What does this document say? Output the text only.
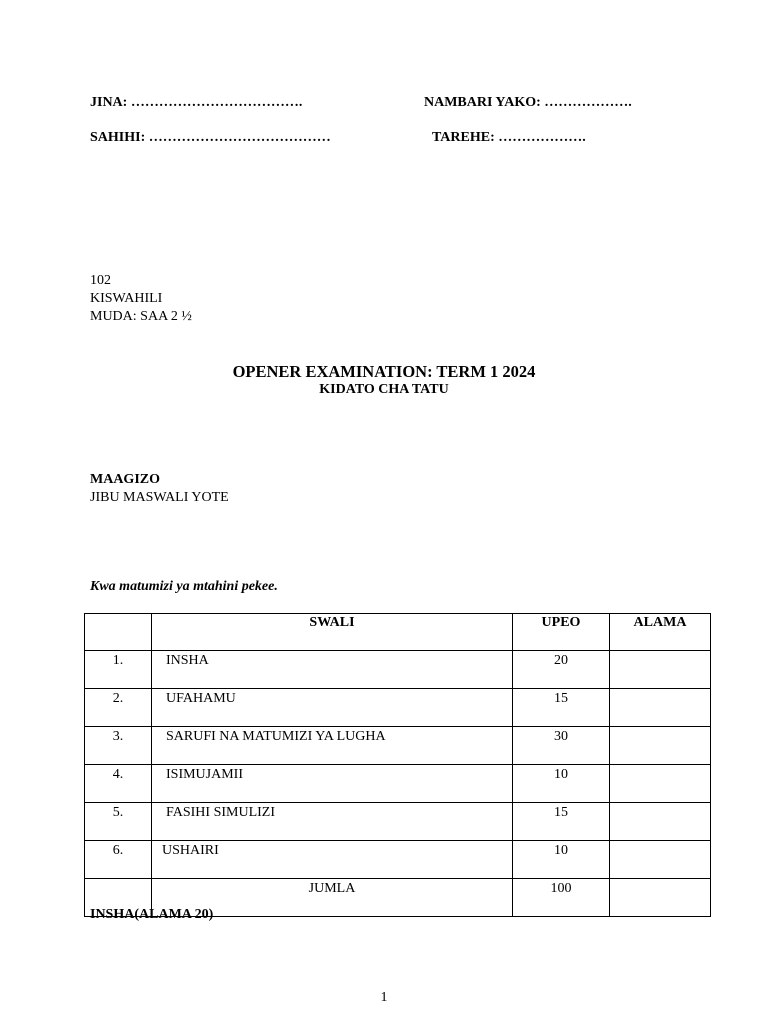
JINA: ……………………………….	NAMBARI YAKO: ……………….
SAHIHI: …………………………………	TAREHE: ……………….
102
KISWAHILI
MUDA: SAA 2 ½
OPENER EXAMINATION: TERM 1 2024
KIDATO CHA TATU
MAAGIZO
JIBU MASWALI YOTE
Kwa matumizi ya mtahini pekee.
	SWALI	UPEO	ALAMA
1.	INSHA	20	
2.	UFAHAMU	15	
3.	SARUFI NA MATUMIZI YA LUGHA	30	
4.	ISIMUJAMII	10	
5.	FASIHI SIMULIZI	15	
6.	USHAIRI	10	
	JUMLA	100	
INSHA(ALAMA 20)
1
